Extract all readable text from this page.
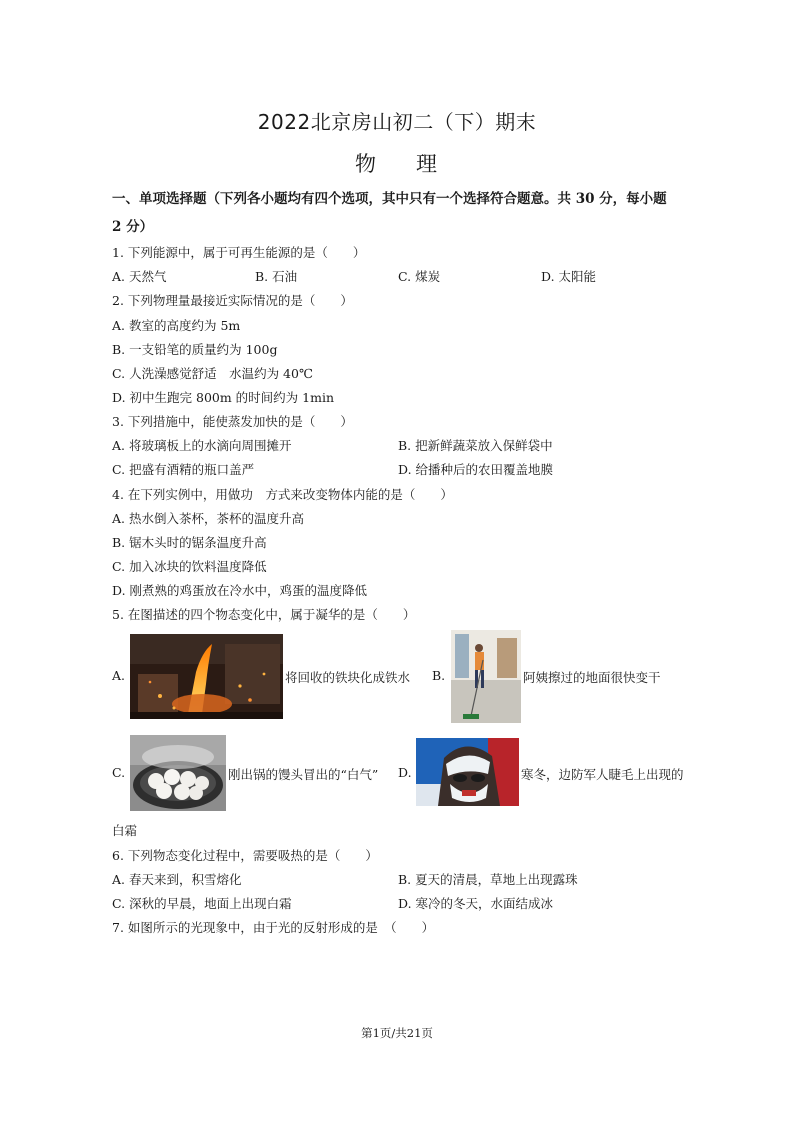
2022北京房山初二（下）期末
物 理
一、单项选择题（下列各小题均有四个选项，其中只有一个选择符合题意。共 30 分，每小题
2 分）
1. 下列能源中，属于可再生能源的是（　　）
A. 天然气	B. 石油	C. 煤炭	D. 太阳能
2. 下列物理量最接近实际情况的是（　　）
A. 教室的高度约为 5m
B. 一支铅笔的质量约为 100g
C. 人洗澡感觉舒适　水温约为 40℃
D. 初中生跑完 800m 的时间约为 1min
3. 下列措施中，能使蒸发加快的是（　　）
A. 将玻璃板上的水滴向周围摊开	B. 把新鲜蔬菜放入保鲜袋中
C. 把盛有酒精的瓶口盖严	D. 给播种后的农田覆盖地膜
4. 在下列实例中，用做功　方式来改变物体内能的是（　　）
A. 热水倒入茶杯，茶杯的温度升高
B. 锯木头时的锯条温度升高
C. 加入冰块的饮料温度降低
D. 刚煮熟的鸡蛋放在冷水中，鸡蛋的温度降低
5. 在图描述的四个物态变化中，属于凝华的是（　　）
A.	将回收的铁块化成铁水 B.	阿姨擦过的地面很快变干
C.	刚出锅的馒头冒出的“白气” D.	寒冬，边防军人睫毛上出现的
白霜
6. 下列物态变化过程中，需要吸热的是（　　）
A. 春天来到，积雪熔化	B. 夏天的清晨，草地上出现露珠
C. 深秋的早晨，地面上出现白霜	D. 寒冷的冬天，水面结成冰
7. 如图所示的光现象中，由于光的反射形成的是　（　　）
第1页/共21页
